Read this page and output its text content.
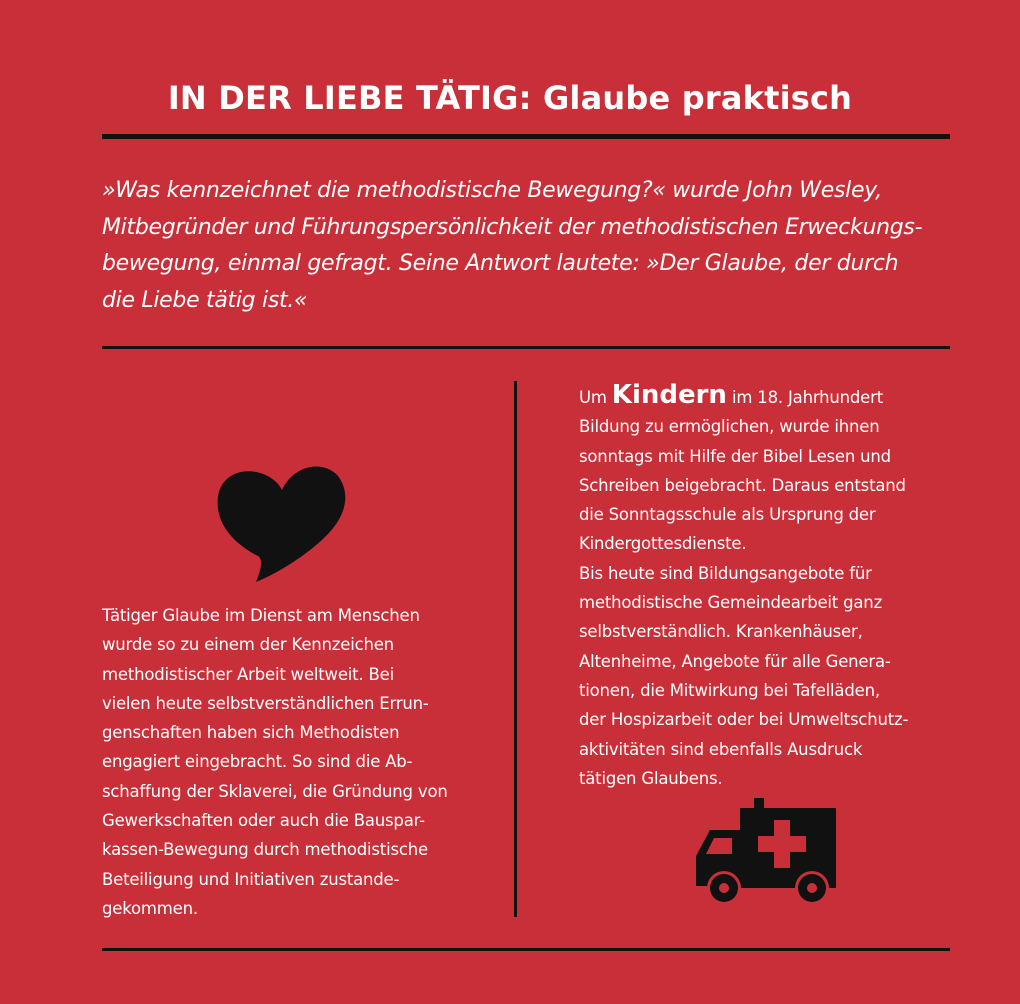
IN DER LIEBE TÄTIG: Glaube praktisch
»Was kennzeichnet die methodistische Bewegung?« wurde John Wesley,
Mitbegründer und Führungspersönlichkeit der methodistischen Erweckungs-
bewegung, einmal gefragt. Seine Antwort lautete: »Der Glaube, der durch
die Liebe tätig ist.«
Tätiger Glaube im Dienst am Menschen
wurde so zu einem der Kennzeichen
methodistischer Arbeit weltweit. Bei
vielen heute selbstverständlichen Errun-
genschaften haben sich Methodisten
engagiert eingebracht. So sind die Ab-
schaffung der Sklaverei, die Gründung von
Gewerkschaften oder auch die Bauspar-
kassen-Bewegung durch methodistische
Beteiligung und Initiativen zustande-
gekommen.
Um Kindern im 18. Jahrhundert
Bildung zu ermöglichen, wurde ihnen
sonntags mit Hilfe der Bibel Lesen und
Schreiben beigebracht. Daraus entstand
die Sonntagsschule als Ursprung der
Kindergottesdienste.
Bis heute sind Bildungsangebote für
methodistische Gemeindearbeit ganz
selbstverständlich. Krankenhäuser,
Altenheime, Angebote für alle Genera-
tionen, die Mitwirkung bei Tafelläden,
der Hospizarbeit oder bei Umweltschutz-
aktivitäten sind ebenfalls Ausdruck
tätigen Glaubens.
